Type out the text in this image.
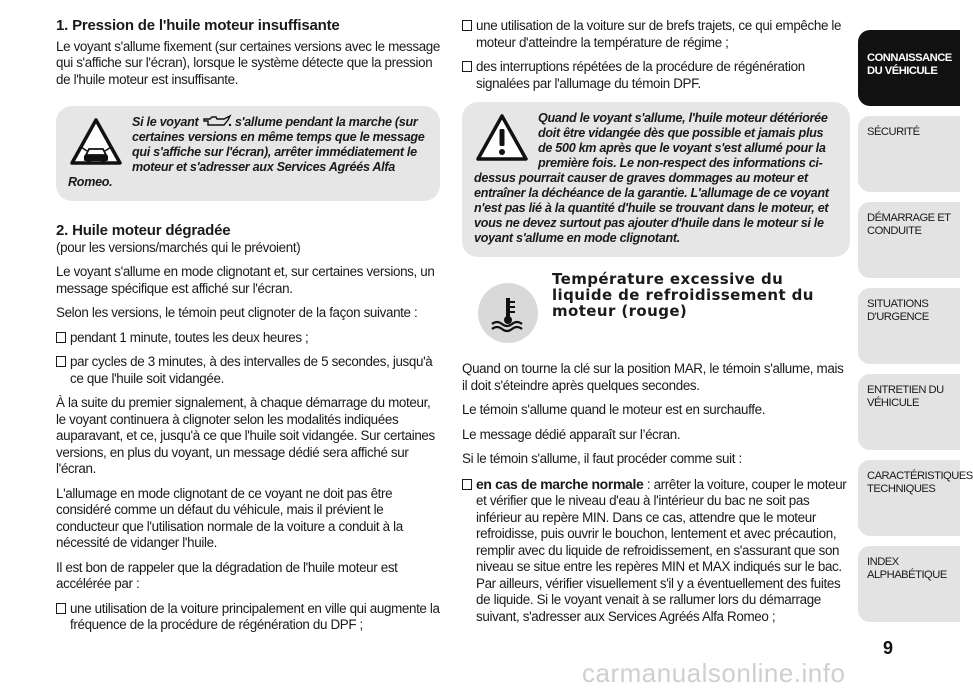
1. Pression de l'huile moteur insuffisante

Le voyant s'allume fixement (sur certaines versions avec le message qui s'affiche sur l'écran), lorsque le système détecte que la pression de l'huile moteur est insuffisante.

Si le voyant	s'allume pendant la marche (sur certaines versions en même temps que le message qui s'affiche sur l'écran), arrêter immédiatement le moteur et s'adresser aux Services Agréés Alfa Romeo.
2. Huile moteur dégradée

(pour les versions/marchés qui le prévoient)

Le voyant s'allume en mode clignotant et, sur certaines versions, un message spécifique est affiché sur l'écran.

Selon les versions, le témoin peut clignoter de la façon suivante :

pendant 1 minute, toutes les deux heures ;
par cycles de 3 minutes, à des intervalles de 5 secondes, jusqu'à ce que l'huile soit vidangée.

À la suite du premier signalement, à chaque démarrage du moteur, le voyant continuera à clignoter selon les modalités indiquées auparavant, et ce, jusqu'à ce que l'huile soit vidangée. Sur certaines versions, en plus du voyant, un message dédié sera affiché sur l'écran.

L'allumage en mode clignotant de ce voyant ne doit pas être considéré comme un défaut du véhicule, mais il prévient le conducteur que l'utilisation normale de la voiture a conduit à la nécessité de vidanger l'huile.

Il est bon de rappeler que la dégradation de l'huile moteur est accélérée par :

une utilisation de la voiture principalement en ville qui augmente la fréquence de la procédure de régénération du DPF ;
une utilisation de la voiture sur de brefs trajets, ce qui empêche le moteur d'atteindre la température de régime ;
des interruptions répétées de la procédure de régénération signalées par l'allumage du témoin DPF.
Quand le voyant s'allume, l'huile moteur détériorée doit être vidangée dès que possible et jamais plus de 500 km après que le voyant s'est allumé pour la première fois. Le non-respect des informations ci-dessus pourrait causer de graves dommages au moteur et entraîner la déchéance de la garantie. L'allumage de ce voyant n'est pas lié à la quantité d'huile se trouvant dans le moteur, et vous ne devez surtout pas ajouter d'huile dans le moteur si le voyant s'allume en mode clignotant.
Température excessive du liquide de refroidissement du moteur (rouge)

Quand on tourne la clé sur la position MAR, le témoin s'allume, mais il doit s'éteindre après quelques secondes.

Le témoin s'allume quand le moteur est en surchauffe.

Le message dédié apparaît sur l’écran.

Si le témoin s'allume, il faut procéder comme suit :

en cas de marche normale : arrêter la voiture, couper le moteur et vérifier que le niveau d'eau à l'intérieur du bac ne soit pas inférieur au repère MIN. Dans ce cas, attendre que le moteur refroidisse, puis ouvrir le bouchon, lentement et avec précaution, remplir avec du liquide de refroidissement, en s'assurant que son niveau se situe entre les repères MIN et MAX indiqués sur le bac. Par ailleurs, vérifier visuellement s'il y a éventuellement des fuites de liquide. Si le voyant venait à se rallumer lors du démarrage suivant, s'adresser aux Services Agréés Alfa Romeo ;
CONNAISSANCE DU VÉHICULE
SÉCURITÉ
DÉMARRAGE ET CONDUITE
SITUATIONS D'URGENCE
ENTRETIEN DU VÉHICULE
CARACTÉRISTIQUES TECHNIQUES
INDEX ALPHABÉTIQUE
9
carmanualsonline.info
